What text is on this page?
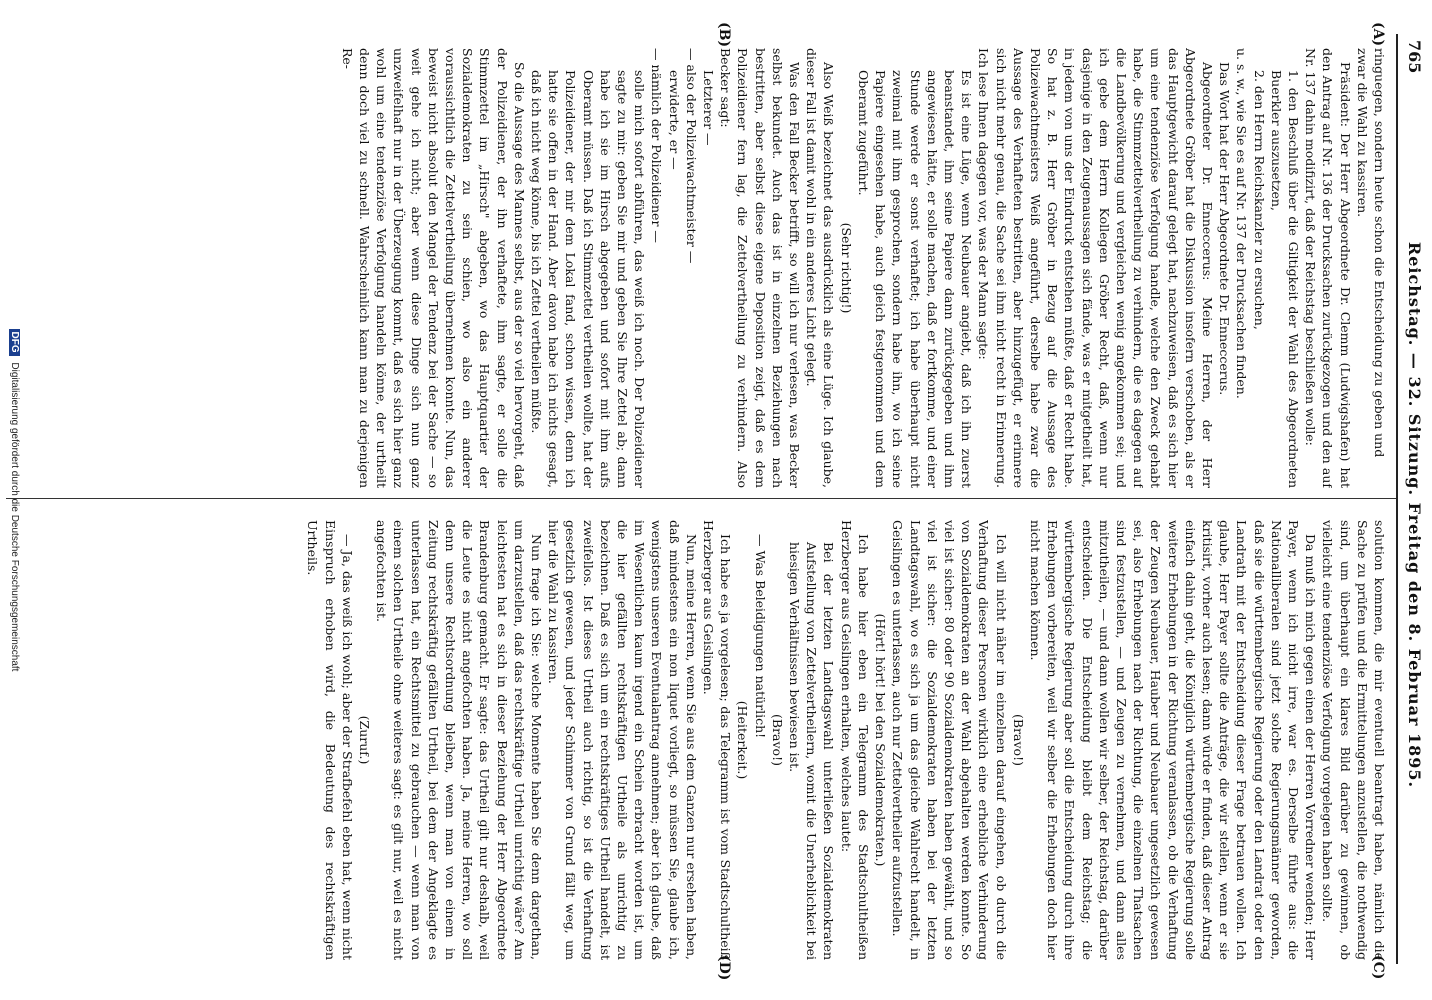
765
Reichstag. — 32. Sitzung. Freitag den 8. Februar 1895.
(A)
(B)
(C)
(D)

ringuegen, sondern heute schon die Entscheidung zu geben und

zwar die Wahl zu kassiren.

Präsident: Der Herr Abgeordnete Dr. Clemm (Ludwigshafen) hat den Antrag auf Nr. 136 der Drucksachen zurückgezogen und den auf Nr. 137 dahin modifizirt, daß der Reichstag beschließen wolle:

1. den Beschluß über die Giltigkeit der Wahl des Abgeordneten Buerkler auszusetzen,

2. den Herrn Reichskanzler zu ersuchen,

u. s. w., wie Sie es auf Nr. 137 der Drucksachen finden.

Das Wort hat der Herr Abgeordnete Dr. Enneccerus.

Abgeordneter Dr. Enneccerus: Meine Herren, der Herr Abgeordnete Gröber hat die Diskussion insofern verschoben, als er das Hauptgewicht darauf gelegt hat, nachzuweisen, daß es sich hier um eine tendenziöse Verfolgung handle, welche den Zweck gehabt habe, die Stimmzettelvertheilung zu verhindern, die es dagegen auf die Landbevölkerung und vergleichen wenig angekommen sei; und ich gebe dem Herrn Kollegen Gröber Recht, daß, wenn nur dasjenige in den Zeugenaussagen sich fände, was er mitgetheilt hat, in jedem von uns der Eindruck entstehen müßte, daß er Recht habe. So hat z. B. Herr Gröber in Bezug auf die Aussage des Polizeiwachtmeisters Weiß angeführt, derselbe habe zwar die Aussage des Verhafteten bestritten, aber hinzugefügt, er erinnere sich nicht mehr genau, die Sache sei ihm nicht recht in Erinnerung. Ich lese Ihnen dagegen vor, was der Mann sagte:

Es ist eine Lüge, wenn Neubauer angiebt, daß ich ihn zuerst beanstandet, ihm seine Papiere dann zurückgegeben und ihm angewiesen hätte, er solle machen, daß er fortkomme, und einer Stunde werde er sonst verhaftet; ich habe überhaupt nicht zweimal mit ihm gesprochen, sondern habe ihn, wo ich seine Papiere eingesehen habe, auch gleich festgenommen und dem Oberamt zugeführt.

(Sehr richtig!)

Also Weiß bezeichnet das ausdrücklich als eine Lüge. Ich glaube, dieser Fall ist damit wohl in ein anderes Licht gelegt.

Was den Fall Becker betrifft, so will ich nur verlesen, was Becker selbst bekundet. Auch das ist in einzelnen Beziehungen nach bestritten, aber selbst diese eigene Deposition zeigt, daß es dem Polizeidiener fern lag, die Zettelvertheilung zu verhindern. Also Becker sagt:

Letzterer —

— also der Polizeiwachtmeister —

erwiderte, er —

— nämlich der Polizeidiener —

solle mich sofort abführen, das weiß ich noch. Der Polizeidiener sagte zu mir: geben Sie mir und geben Sie Ihre Zettel ab; dann habe ich sie im Hirsch abgegeben und sofort mit ihm aufs Oberamt müssen. Daß ich Stimmzettel vertheilen wollte, hat der Polizeidiener, der mir dem Lokal fand, schon wissen, denn ich hatte sie offen in der Hand. Aber davon habe ich nichts gesagt, daß ich nicht weg könne, bis ich Zettel vertheilen müßte.

So die Aussage des Mannes selbst, aus der so viel hervorgeht, daß der Polizeidiener, der ihn verhaftete, ihm sagte, er solle die Stimmzettel im „Hirsch" abgeben, wo das Hauptquartier der Sozialdemokraten zu sein schien, wo also ein anderer voraussichtlich die Zettelvertheilung übernehmen konnte. Nun, das beweist nicht absolut den Mangel der Tendenz bei der Sache — so weit gehe ich nicht; aber wenn diese Dinge sich nun ganz unzweifelhaft nur in der Überzeugung kommt, daß es sich hier ganz wohl um eine tendenziöse Verfolgung handeln könne, der urtheilt denn doch viel zu schnell. Wahrscheinlich kann man zu derjenigen Re-

solution kommen, die mir eventuell beantragt haben, nämlich die Sache zu prüfen und die Ermittelungen anzustellen, die nothwendig sind, um überhaupt ein klares Bild darüber zu gewinnen, ob vielleicht eine tendenziöse Verfolgung vorgelegen haben sollte.

Da muß ich mich gegen einen der Herren Vorredner wenden; Herr Payer, wenn ich nicht irre, war es. Derselbe führte aus: die Nationalliberalen sind jetzt solche Regierungsmänner geworden, daß sie die württembergische Regierung oder den Landrat oder den Landrath mit der Entscheidung dieser Frage betrauen wollen. Ich glaube, Herr Payer sollte die Anträge, die wir stellen, wenn er sie kritisirt, vorher auch lesen; dann würde er finden, daß dieser Antrag einfach dahin geht, die Königlich württembergische Regierung solle weitere Erhebungen in der Richtung veranlassen, ob die Verhaftung der Zeugen Neubauer, Hauber und Neubauer ungesetzlich gewesen sei, also Erhebungen nach der Richtung, die einzelnen Thatsachen sind festzustellen, — und Zeugen zu vernehmen, und dann alles mitzutheilen, — und dann wollen wir selber, der Reichstag, darüber entscheiden. Die Entscheidung bleibt dem Reichstag; die württembergische Regierung aber soll die Entscheidung durch ihre Erhebungen vorbereiten, weil wir selber die Erhebungen doch hier nicht machen können.

(Bravo!)

Ich will nicht näher im einzelnen darauf eingehen, ob durch die Verhaftung dieser Personen wirklich eine erhebliche Verhinderung von Sozialdemokraten an der Wahl abgehalten werden konnte. So viel ist sicher: 80 oder 90 Sozialdemokraten haben gewählt, und so viel ist sicher: die Sozialdemokraten haben bei der letzten Landtagswahl, wo es sich ja um das gleiche Wahlrecht handelt, in Geislingen es unterlassen, auch nur Zettelvertheiler aufzustellen.

(Hört! hört! bei den Sozialdemokraten.)

Ich habe hier eben ein Telegramm des Stadtschultheißen Herzberger aus Geislingen erhalten, welches lautet:

Bei der letzten Landtagswahl unterließen Sozialdemokraten Aufstellung von Zettelvertheilern, womit die Unerheblichkeit bei hiesigen Verhältnissen bewiesen ist.

(Bravo!)

— Was Beleidigungen natürlich!

(Heiterkeit.)

Ich habe es ja vorgelesen; das Telegramm ist vom Stadtschultheiß Herzberger aus Geislingen.

Nun, meine Herren, wenn Sie aus dem Ganzen nur ersehen haben, daß mindestens ein non liquet vorliegt, so müssen Sie, glaube ich, wenigstens unseren Eventualantrag annehmen; aber ich glaube, daß im Wesentlichen kaum irgend ein Schein erbracht worden ist, um die hier gefällten rechtskräftigen Urtheile als unrichtig zu bezeichnen. Daß es sich um ein rechtskräftiges Urtheil handelt, ist zweifellos. Ist dieses Urtheil auch richtig, so ist die Verhaftung gesetzlich gewesen, und jeder Schimmer von Grund fällt weg, um hier die Wahl zu kassiren.

Nun frage ich Sie: welche Momente haben Sie denn dargethan, um darzustellen, daß das rechtskräftige Urtheil unrichtig wäre? Am leichtesten hat es sich in dieser Beziehung der Herr Abgeordnete Brandenburg gemacht. Er sagte: das Urtheil gilt nur deshalb, weil die Leute es nicht angefochten haben. Ja, meine Herren, wo soll denn unsere Rechtsordnung bleiben, wenn man von einem in Zeitung rechtskräftig gefällten Urtheil, bei dem der Angeklagte es unterlassen hat, ein Rechtsmittel zu gebrauchen — wenn man von einem solchen Urtheile ohne weiteres sagt: es gilt nur, weil es nicht angefochten ist.

(Zuruf.)

— Ja, das weiß ich wohl; aber der Strafbefehl eben hat, wenn nicht Einspruch erhoben wird, die Bedeutung des rechtskräftigen Urtheils.

DFG Digitalisierung gefördert durch die Deutsche Forschungsgemeinschaft
